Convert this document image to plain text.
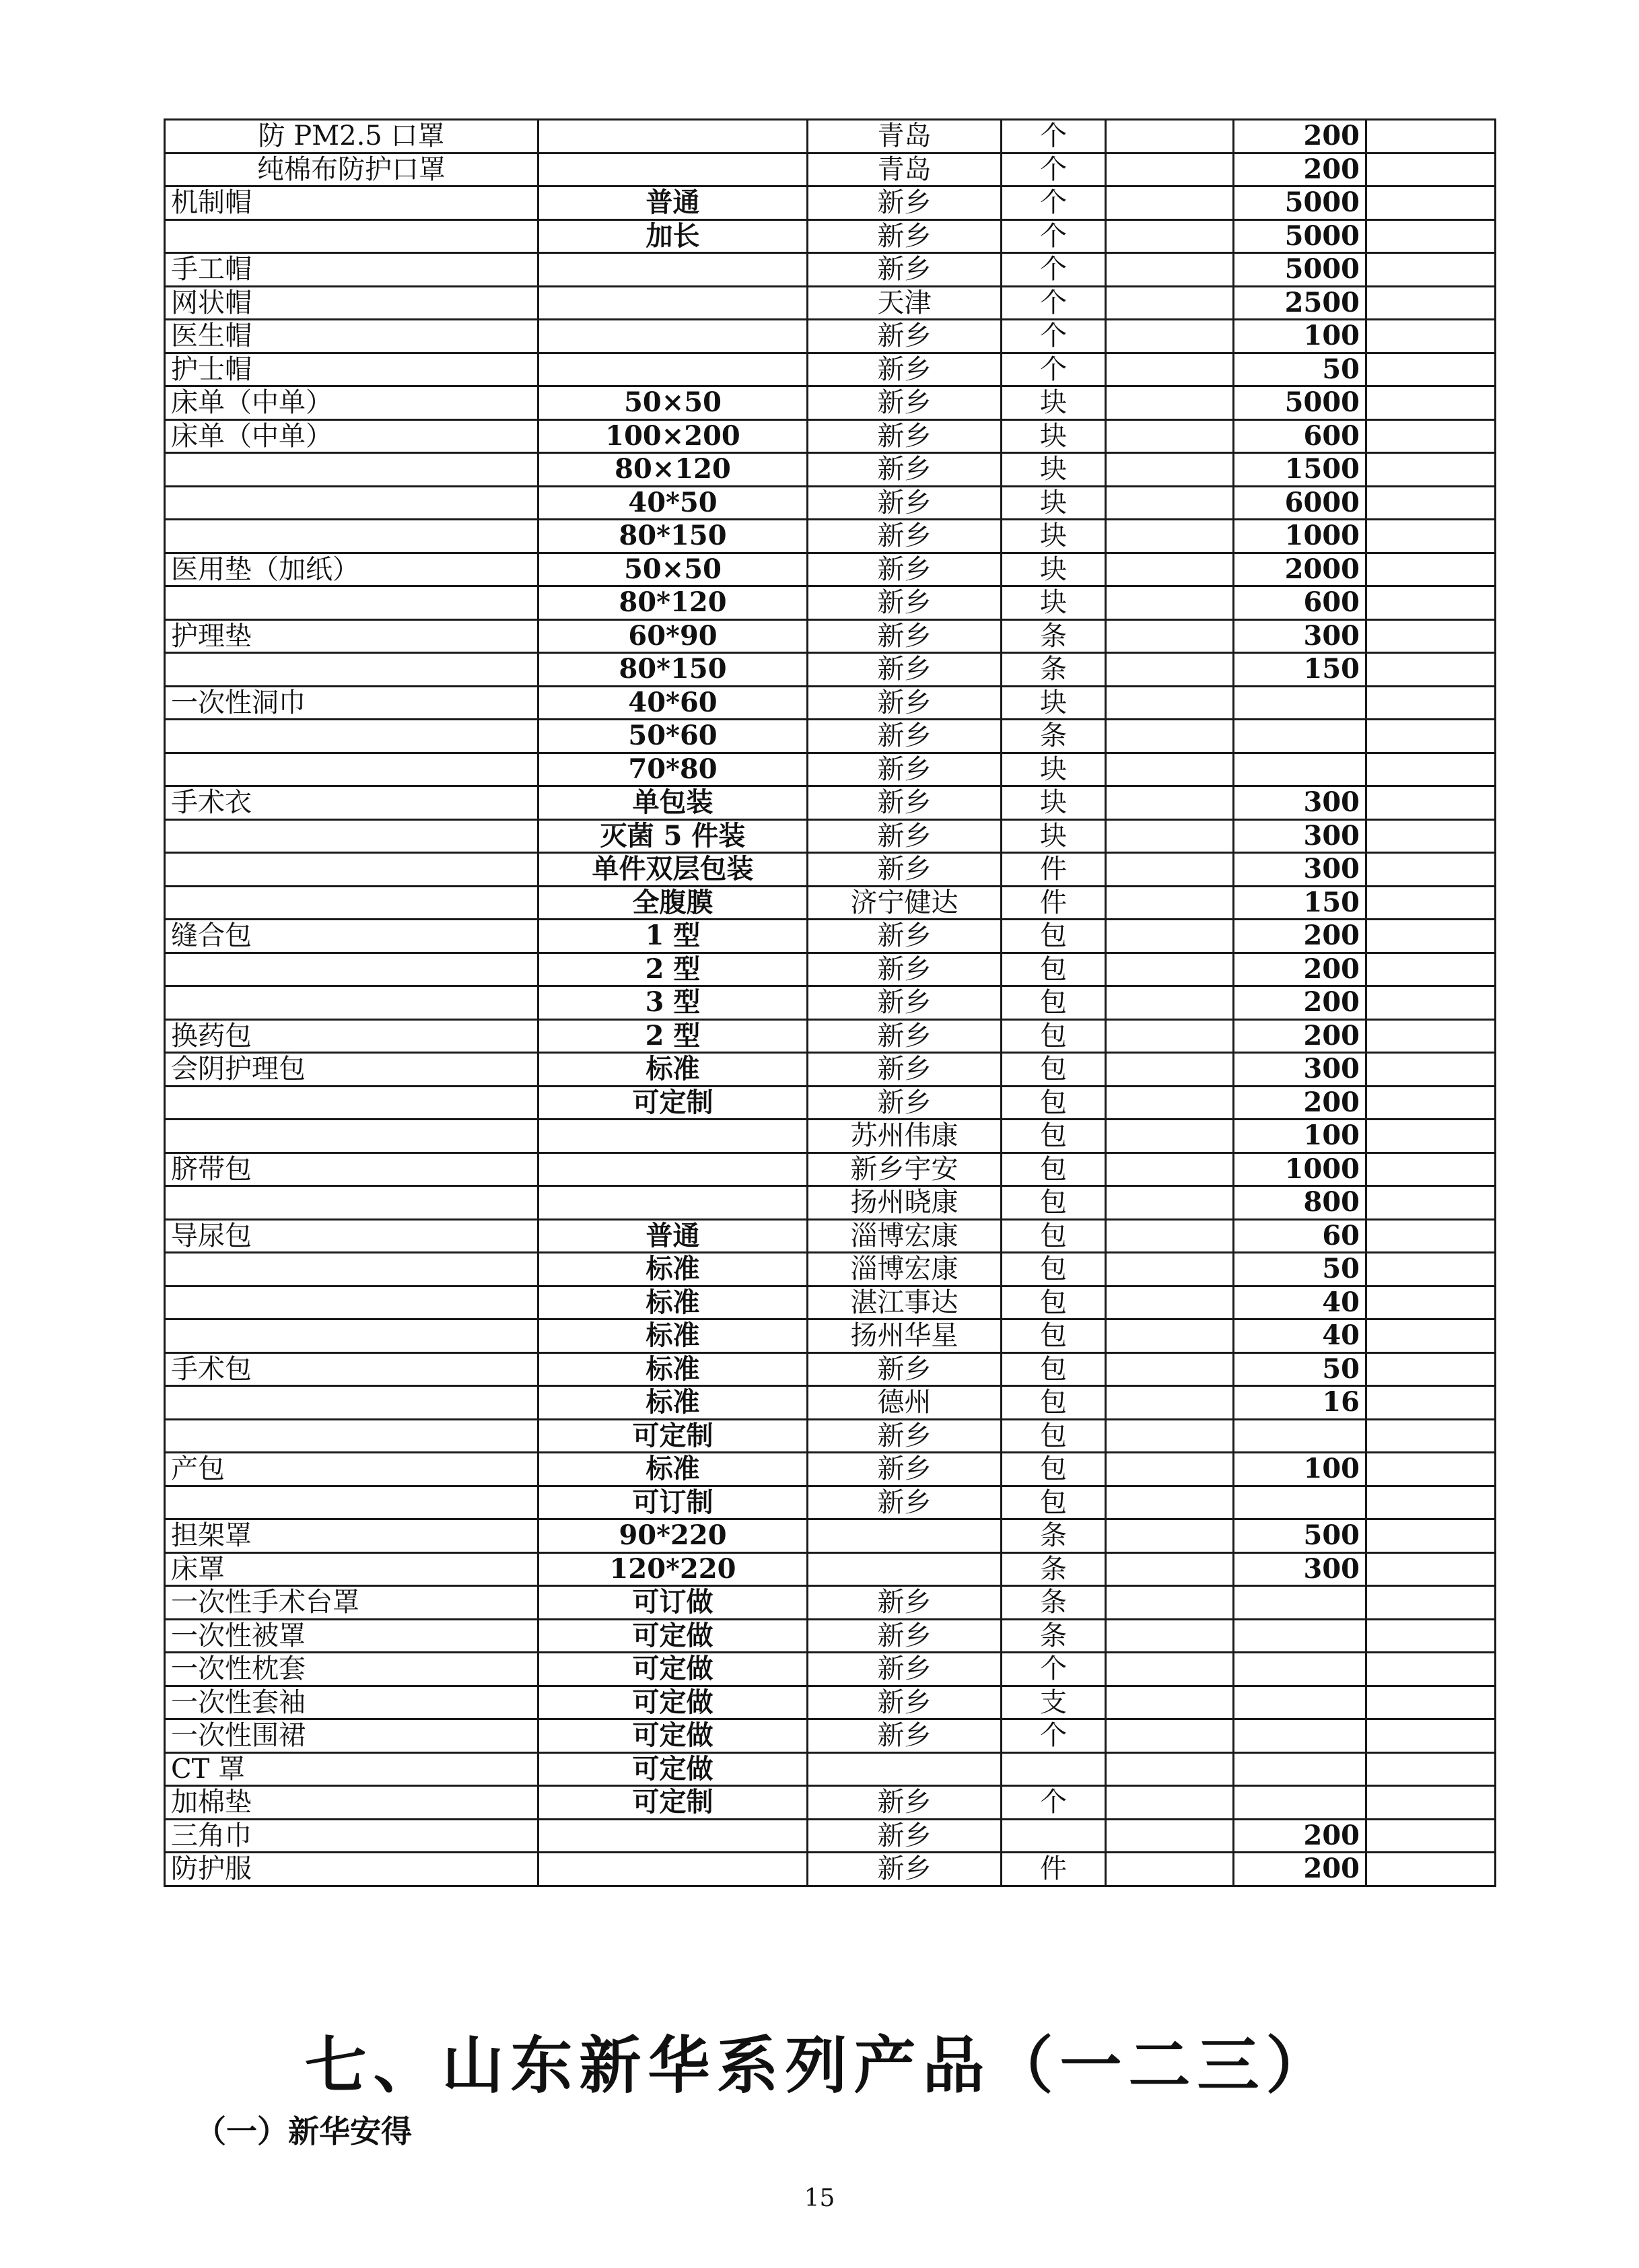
防 PM2.5 口罩		青岛	个		200	
纯棉布防护口罩		青岛	个		200	
机制帽	普通	新乡	个		5000	
	加长	新乡	个		5000	
手工帽		新乡	个		5000	
网状帽		天津	个		2500	
医生帽		新乡	个		100	
护士帽		新乡	个		50	
床单（中单）	50×50	新乡	块		5000	
床单（中单）	100×200	新乡	块		600	
	80×120	新乡	块		1500	
	40*50	新乡	块		6000	
	80*150	新乡	块		1000	
医用垫（加纸）	50×50	新乡	块		2000	
	80*120	新乡	块		600	
护理垫	60*90	新乡	条		300	
	80*150	新乡	条		150	
一次性洞巾	40*60	新乡	块			
	50*60	新乡	条			
	70*80	新乡	块			
手术衣	单包装	新乡	块		300	
	灭菌 5 件装	新乡	块		300	
	单件双层包装	新乡	件		300	
	全腹膜	济宁健达	件		150	
缝合包	1 型	新乡	包		200	
	2 型	新乡	包		200	
	3 型	新乡	包		200	
换药包	2 型	新乡	包		200	
会阴护理包	标准	新乡	包		300	
	可定制	新乡	包		200	
		苏州伟康	包		100	
脐带包		新乡宇安	包		1000	
		扬州晓康	包		800	
导尿包	普通	淄博宏康	包		60	
	标准	淄博宏康	包		50	
	标准	湛江事达	包		40	
	标准	扬州华星	包		40	
手术包	标准	新乡	包		50	
	标准	德州	包		16	
	可定制	新乡	包			
产包	标准	新乡	包		100	
	可订制	新乡	包			
担架罩	90*220		条		500	
床罩	120*220		条		300	
一次性手术台罩	可订做	新乡	条			
一次性被罩	可定做	新乡	条			
一次性枕套	可定做	新乡	个			
一次性套袖	可定做	新乡	支			
一次性围裙	可定做	新乡	个			
CT 罩	可定做					
加棉垫	可定制	新乡	个			
三角巾		新乡			200	
防护服		新乡	件		200	
七、山东新华系列产品（一二三）
（一）新华安得
15
